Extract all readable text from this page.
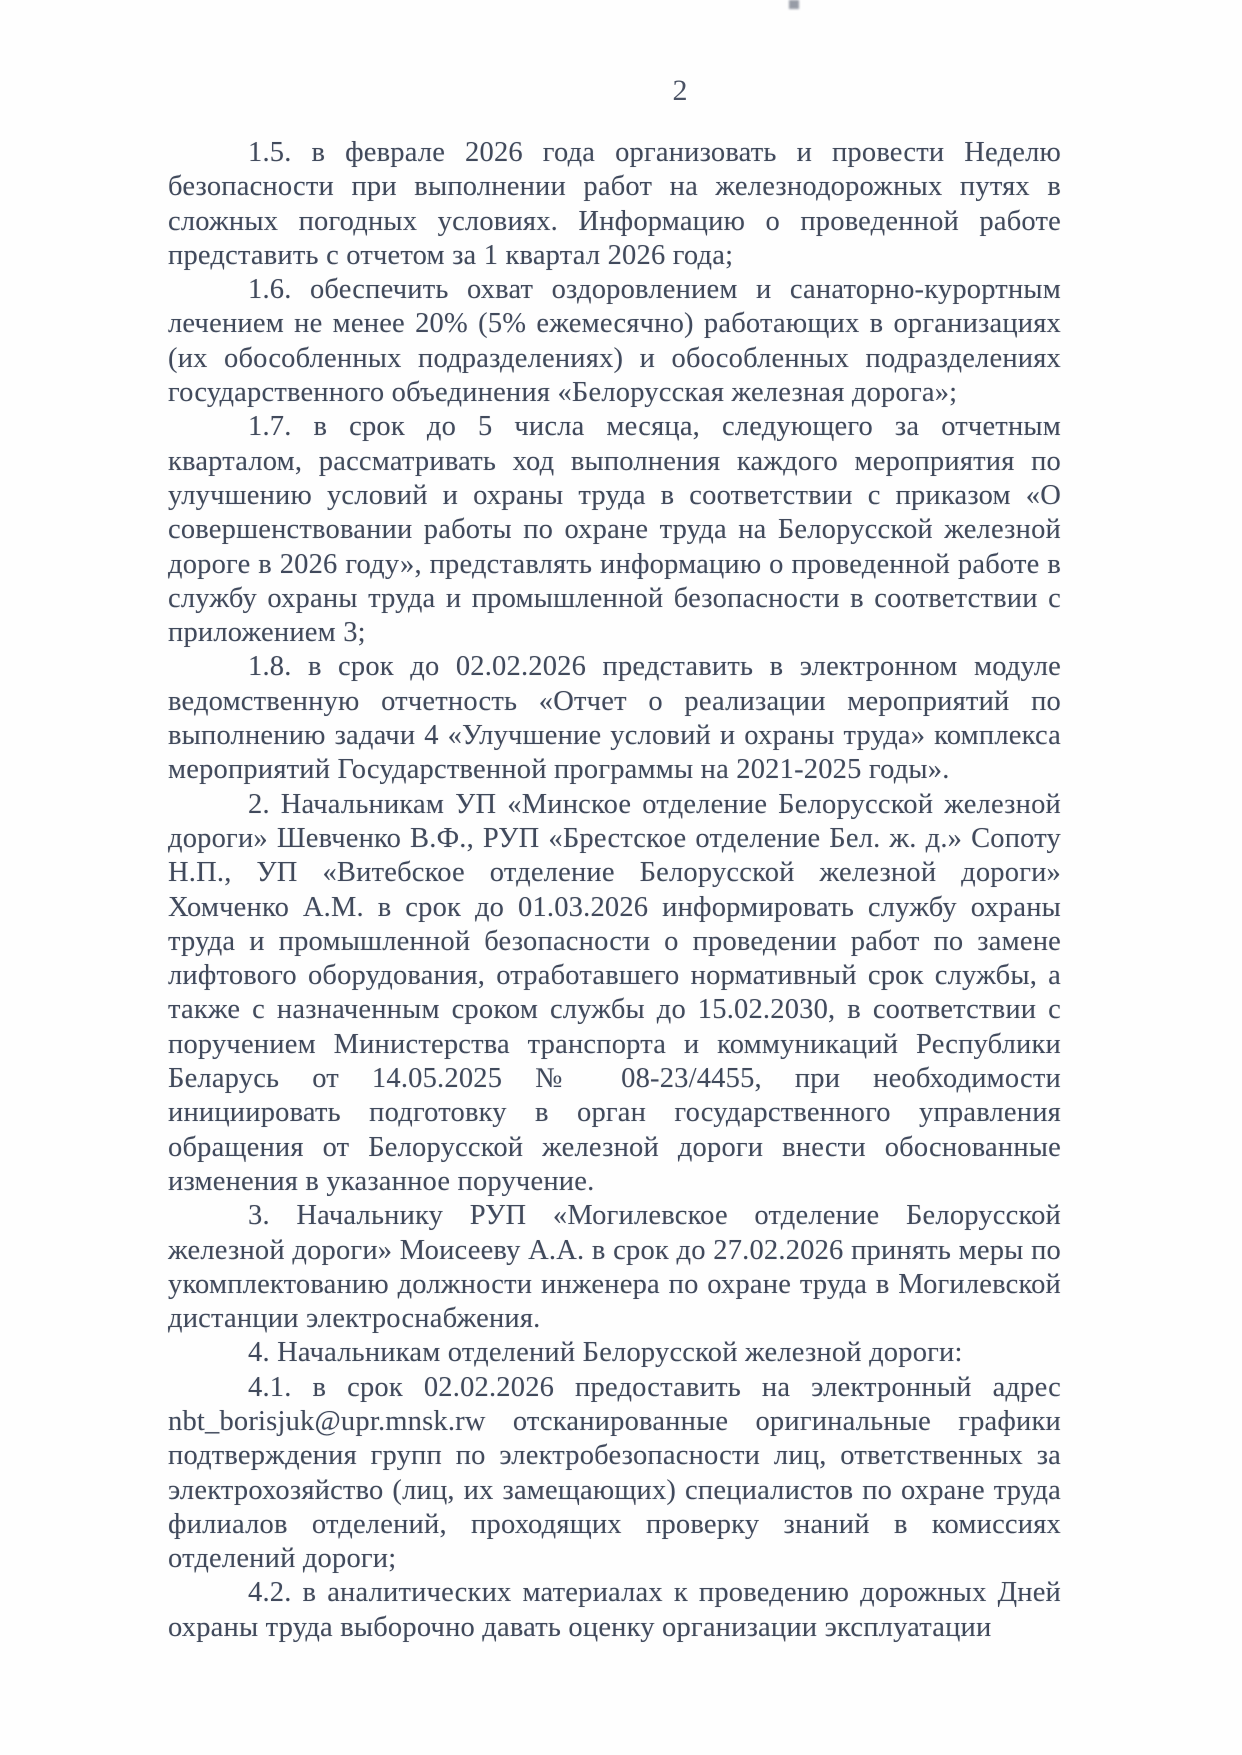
2

1.5. в феврале 2026 года организовать и провести Неделю безопасности при выполнении работ на железнодорожных путях в сложных погодных условиях. Информацию о проведенной работе представить с отчетом за 1 квартал 2026 года;

1.6. обеспечить охват оздоровлением и санаторно-курортным лечением не менее 20% (5% ежемесячно) работающих в организациях (их обособленных подразделениях) и обособленных подразделениях государственного объединения «Белорусская железная дорога»;

1.7. в срок до 5 числа месяца, следующего за отчетным кварталом, рассматривать ход выполнения каждого мероприятия по улучшению условий и охраны труда в соответствии с приказом «О совершенствовании работы по охране труда на Белорусской железной дороге в 2026 году», представлять информацию о проведенной работе в службу охраны труда и промышленной безопасности в соответствии с приложением 3;

1.8. в срок до 02.02.2026 представить в электронном модуле ведомственную отчетность «Отчет о реализации мероприятий по выполнению задачи 4 «Улучшение условий и охраны труда» комплекса мероприятий Государственной программы на 2021-2025 годы».

2. Начальникам УП «Минское отделение Белорусской железной дороги» Шевченко В.Ф., РУП «Брестское отделение Бел. ж. д.» Сопоту Н.П., УП «Витебское отделение Белорусской железной дороги» Хомченко А.М. в срок до 01.03.2026 информировать службу охраны труда и промышленной безопасности о проведении работ по замене лифтового оборудования, отработавшего нормативный срок службы, а также с назначенным сроком службы до 15.02.2030, в соответствии с поручением Министерства транспорта и коммуникаций Республики Беларусь от 14.05.2025 № 08-23/4455, при необходимости инициировать подготовку в орган государственного управления обращения от Белорусской железной дороги внести обоснованные изменения в указанное поручение.

3. Начальнику РУП «Могилевское отделение Белорусской железной дороги» Моисееву А.А. в срок до 27.02.2026 принять меры по укомплектованию должности инженера по охране труда в Могилевской дистанции электроснабжения.

4. Начальникам отделений Белорусской железной дороги:

4.1. в срок 02.02.2026 предоставить на электронный адрес nbt_borisjuk@upr.mnsk.rw отсканированные оригинальные графики подтверждения групп по электробезопасности лиц, ответственных за электрохозяйство (лиц, их замещающих) специалистов по охране труда филиалов отделений, проходящих проверку знаний в комиссиях отделений дороги;

4.2. в аналитических материалах к проведению дорожных Дней охраны труда выборочно давать оценку организации эксплуатации
